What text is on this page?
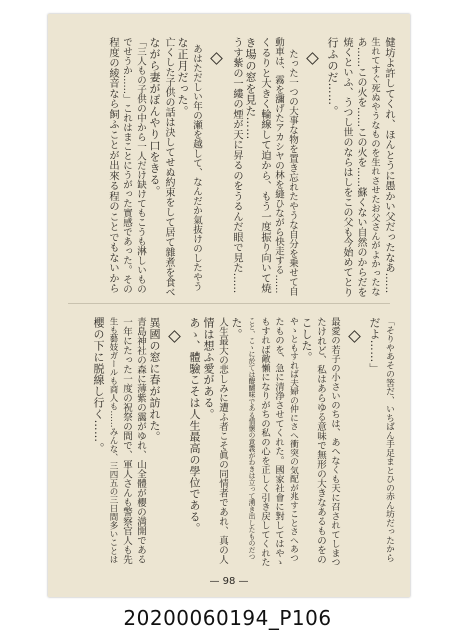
健坊よ許してくれ、ほんとうに愚かい父だったなあ……
生れてすぐ死ぬやうなものを生れさせたお父さんがよかったな
あ……この火を……この火を……蘇くない自然のからだを
焼くといふ、うつし世のならはしをこの父も今始めてとり
行ふのだ……。
たった一つの大事な物を置き忘れたやうな自分を乗せて自
動車は、霧を瀰げたアカシヤの林を縫ひながら快走する……
くるりと大きく輪線して迫から、もう一度振り向いて焼
き場の窓を見た……
うす紫の一縷の煙が天に昇るのをうるんだ眼で見た……
あはただしい年の瀬を越して、なんだか氣抜けのしたやう
な正月だった。
亡くした子供の話は決してせぬ約束をして居て雜煮を食べ
ながら妻がぽんやり口をきる。
「三人もの子供の中から一人だけ缺けてもこうも淋しいもの
でせうか……」これはまことにうがった實感であった。その
程度の綾音なら飼ふことが出來る程のことでもないから
「そりやあその筈だ、いちばん手足まとひの赤ん坊だったから
だよ……」
最愛の若子の小さいのちは、あへなくも天に召されてしまつ
たけれど、私はあらゆる意味で無形の大きなあるものをの
こした。
やゝともすれば夫婦の仲にさへ衝突の気配が兆すことさへあつ
たものを、急に清浄させてくれた。國家社會に對してはやゝ
もすれば敵懶になりがちの私の心を正しく引き戻してくれた
こと、こゝに於ては醍醐味である情懷の意義がわきは立って湧き出したものだつ
た。
人生最大の悲しみに遭ふ者こそ眞の同情者であれ、真の人
情は想ふ愛がある。
あゝ、體驗こそは人生最高の學位である。
異國の窓に春が訪れた。
青島神社の森に薄紫の靄がゆれ、山全體が櫻の満開である
一年にたった一度の祝祭の間で、軍人さんも警察官人も先
生も藝妓ガールも商人も……みんな、三四五の三日間多いことは
櫻の下に脱線し行く……。
— 98 —
20200060194_P106
